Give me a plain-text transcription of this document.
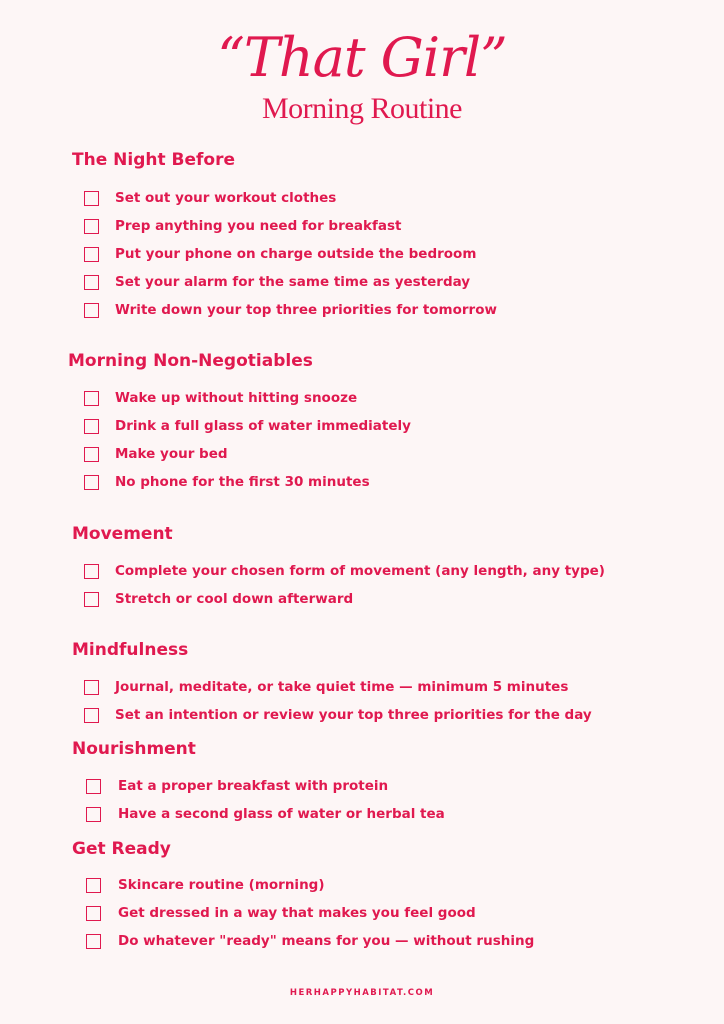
“That Girl”
Morning Routine
The Night Before
Set out your workout clothes
Prep anything you need for breakfast
Put your phone on charge outside the bedroom
Set your alarm for the same time as yesterday
Write down your top three priorities for tomorrow
Morning Non-Negotiables
Wake up without hitting snooze
Drink a full glass of water immediately
Make your bed
No phone for the first 30 minutes
Movement
Complete your chosen form of movement (any length, any type)
Stretch or cool down afterward
Mindfulness
Journal, meditate, or take quiet time — minimum 5 minutes
Set an intention or review your top three priorities for the day
Nourishment
Eat a proper breakfast with protein
Have a second glass of water or herbal tea
Get Ready
Skincare routine (morning)
Get dressed in a way that makes you feel good
Do whatever "ready" means for you — without rushing
HERHAPPYHABITAT.COM
